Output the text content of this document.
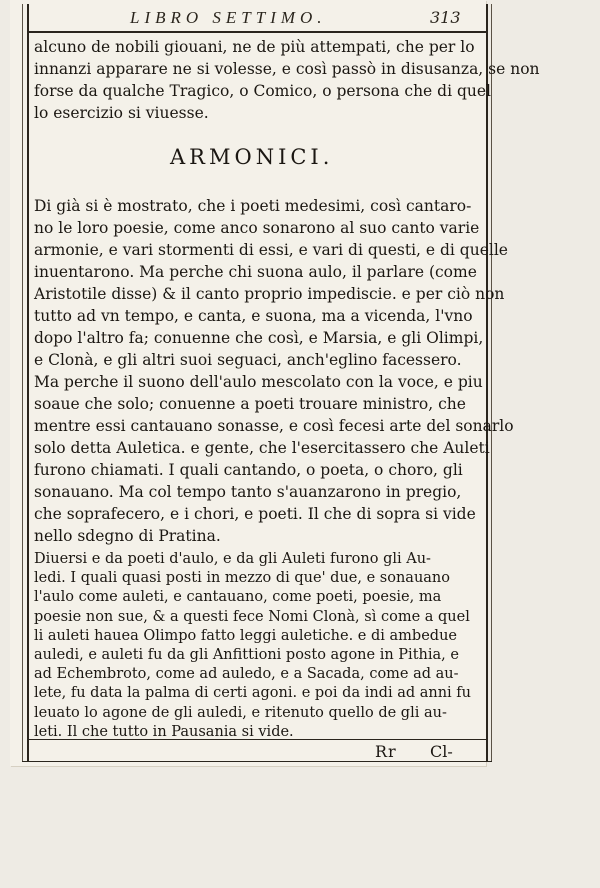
LIBRO SETTIMO.	313
alcuno de nobili giouani, ne de più attempati, che per lo
innanzi apparare ne si volesse, e così passò in disusanza, se non
forse da qualche Tragico, o Comico, o persona che di quel
lo esercizio si viuesse.
ARMONICI.
Di già si è mostrato, che i poeti medesimi, così cantaro-
no le loro poesie, come anco sonarono al suo canto varie
armonie, e vari stormenti di essi, e vari di questi, e di quelle
inuentarono. Ma perche chi suona aulo, il parlare (come
Aristotile disse) & il canto proprio impediscie. e per ciò non
tutto ad vn tempo, e canta, e suona, ma a vicenda, l'vno
dopo l'altro fa; conuenne che così, e Marsia, e gli Olimpi,
e Clonà, e gli altri suoi seguaci, anch'eglino facessero.
Ma perche il suono dell'aulo mescolato con la voce, e piu
soaue che solo; conuenne a poeti trouare ministro, che
mentre essi cantauano sonasse, e così fecesi arte del sonarlo
solo detta Auletica. e gente, che l'esercitassero che Auleti
furono chiamati. I quali cantando, o poeta, o choro, gli
sonauano. Ma col tempo tanto s'auanzarono in pregio,
che soprafecero, e i chori, e poeti. Il che di sopra si vide
nello sdegno di Pratina.
Diuersi e da poeti d'aulo, e da gli Auleti furono gli Au-
ledi. I quali quasi posti in mezzo di que' due, e sonauano
l'aulo come auleti, e cantauano, come poeti, poesie, ma
poesie non sue, & a questi fece Nomi Clonà, sì come a quel
li auleti hauea Olimpo fatto leggi auletiche. e di ambedue
auledi, e auleti fu da gli Anfittioni posto agone in Pithia, e
ad Echembroto, come ad auledo, e a Sacada, come ad au-
lete, fu data la palma di certi agoni. e poi da indi ad anni fu
leuato lo agone de gli auledi, e ritenuto quello de gli au-
leti. Il che tutto in Pausania si vide.
Rr Cl-
